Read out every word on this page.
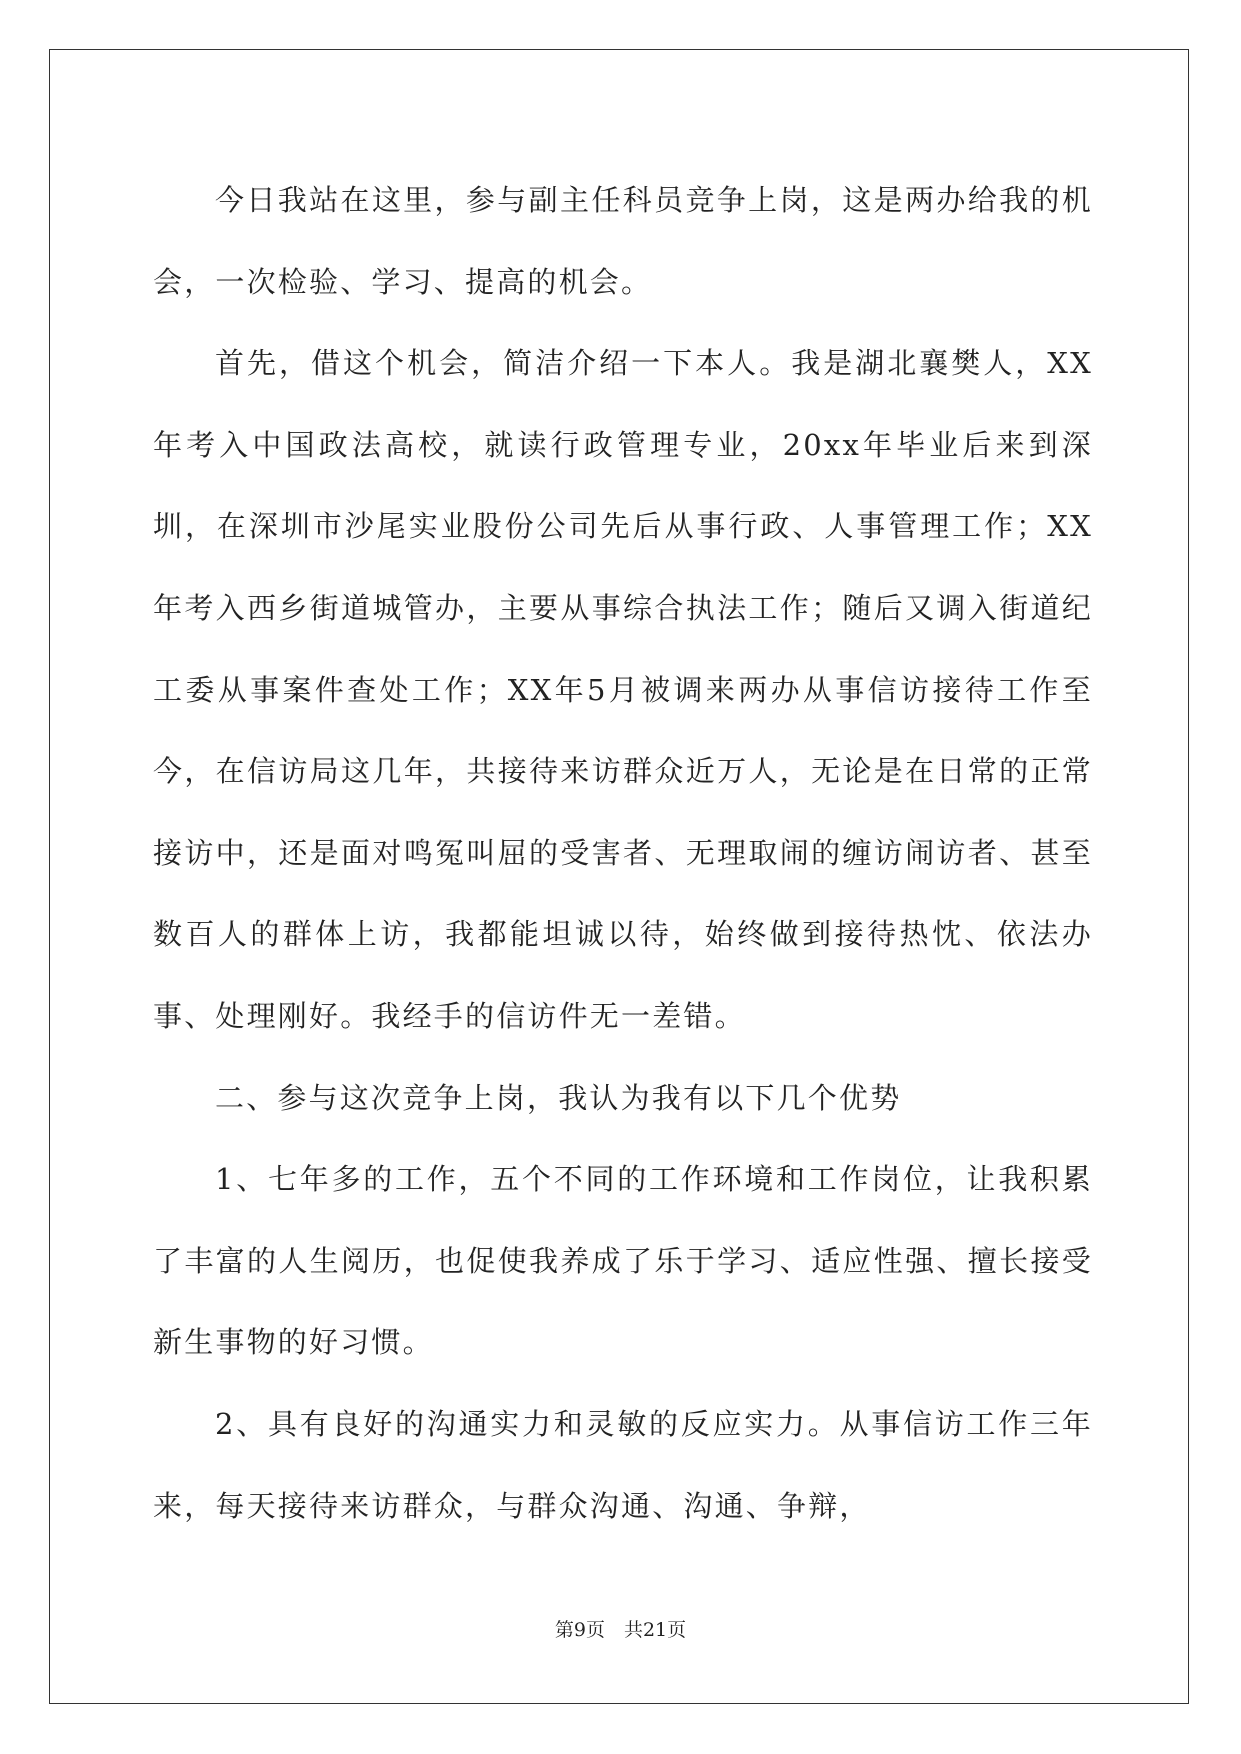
今日我站在这里，参与副主任科员竞争上岗，这是两办给我的机会，一次检验、学习、提高的机会。

首先，借这个机会，简洁介绍一下本人。我是湖北襄樊人，XX年考入中国政法高校，就读行政管理专业，20xx年毕业后来到深圳，在深圳市沙尾实业股份公司先后从事行政、人事管理工作；XX年考入西乡街道城管办，主要从事综合执法工作；随后又调入街道纪工委从事案件查处工作；XX年5月被调来两办从事信访接待工作至今，在信访局这几年，共接待来访群众近万人，无论是在日常的正常接访中，还是面对鸣冤叫屈的受害者、无理取闹的缠访闹访者、甚至数百人的群体上访，我都能坦诚以待，始终做到接待热忱、依法办事、处理刚好。我经手的信访件无一差错。

二、参与这次竞争上岗，我认为我有以下几个优势

1、七年多的工作，五个不同的工作环境和工作岗位，让我积累了丰富的人生阅历，也促使我养成了乐于学习、适应性强、擅长接受新生事物的好习惯。

2、具有良好的沟通实力和灵敏的反应实力。从事信访工作三年来，每天接待来访群众，与群众沟通、沟通、争辩，

第9页　共21页
